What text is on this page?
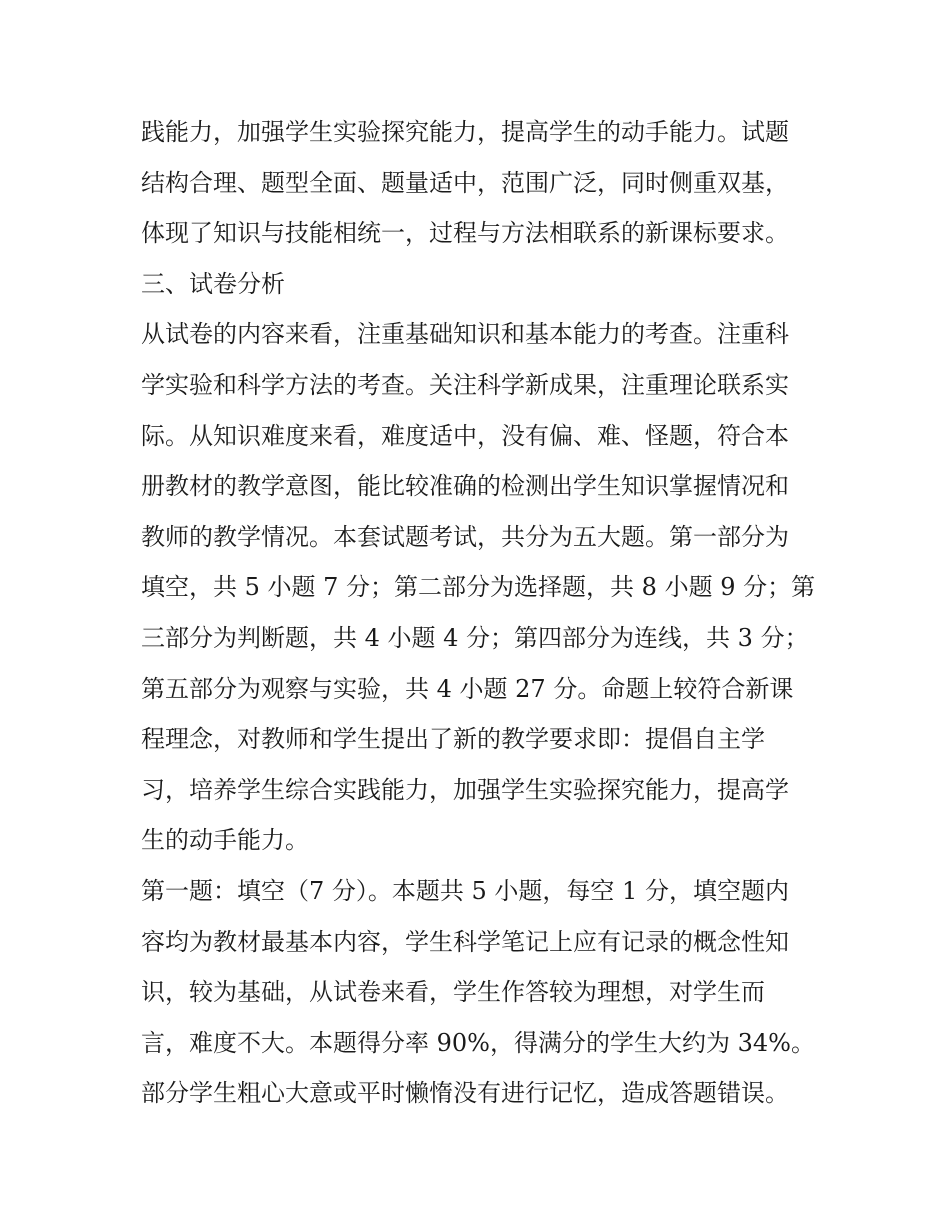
践能力，加强学生实验探究能力，提高学生的动手能力。试题
结构合理、题型全面、题量适中，范围广泛，同时侧重双基，
体现了知识与技能相统一，过程与方法相联系的新课标要求。
三、试卷分析
从试卷的内容来看，注重基础知识和基本能力的考查。注重科
学实验和科学方法的考查。关注科学新成果，注重理论联系实
际。从知识难度来看，难度适中，没有偏、难、怪题，符合本
册教材的教学意图，能比较准确的检测出学生知识掌握情况和
教师的教学情况。本套试题考试，共分为五大题。第一部分为
填空，共 5 小题 7 分；第二部分为选择题，共 8 小题 9 分；第
三部分为判断题，共 4 小题 4 分；第四部分为连线，共 3 分；
第五部分为观察与实验，共 4 小题 27 分。命题上较符合新课
程理念，对教师和学生提出了新的教学要求即：提倡自主学
习，培养学生综合实践能力，加强学生实验探究能力，提高学
生的动手能力。
第一题：填空（7 分）。本题共 5 小题，每空 1 分，填空题内
容均为教材最基本内容，学生科学笔记上应有记录的概念性知
识，较为基础，从试卷来看，学生作答较为理想，对学生而
言，难度不大。本题得分率 90%，得满分的学生大约为 34%。
部分学生粗心大意或平时懒惰没有进行记忆，造成答题错误。
